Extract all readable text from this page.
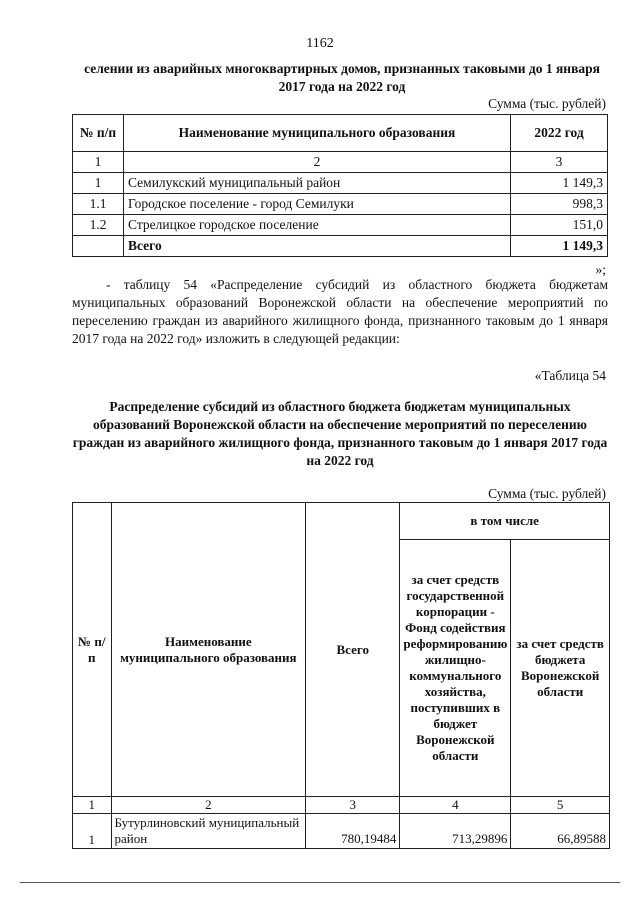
1162
селении из аварийных многоквартирных домов, признанных таковыми до 1 января 2017 года на 2022 год
Сумма (тыс. рублей)
№ п/п	Наименование муниципального образования	2022 год
1	2	3
1	Семилукский муниципальный район	1 149,3
1.1	Городское поселение - город Семилуки	998,3
1.2	Стрелицкое городское поселение	151,0
	Всего	1 149,3
»;
- таблицу 54 «Распределение субсидий из областного бюджета бюджетам муниципальных образований Воронежской области на обеспечение мероприятий по переселению граждан из аварийного жилищного фонда, признанного таковым до 1 января 2017 года на 2022 год» изложить в следующей редакции:
«Таблица 54
Распределение субсидий из областного бюджета бюджетам муниципальных образований Воронежской области на обеспечение мероприятий по переселению граждан из аварийного жилищного фонда, признанного таковым до 1 января 2017 года на 2022 год
Сумма (тыс. рублей)
№ п/п	Наименование муниципального образования	Всего	в том числе	
			за счет средств государственной корпорации - Фонд содействия реформированию жилищно-коммунального хозяйства, поступивших в бюджет Воронежской области	за счет средств бюджета Воронежской области
1	2	3	4	5
1	Бутурлиновский муниципальный район	780,19484	713,29896	66,89588
